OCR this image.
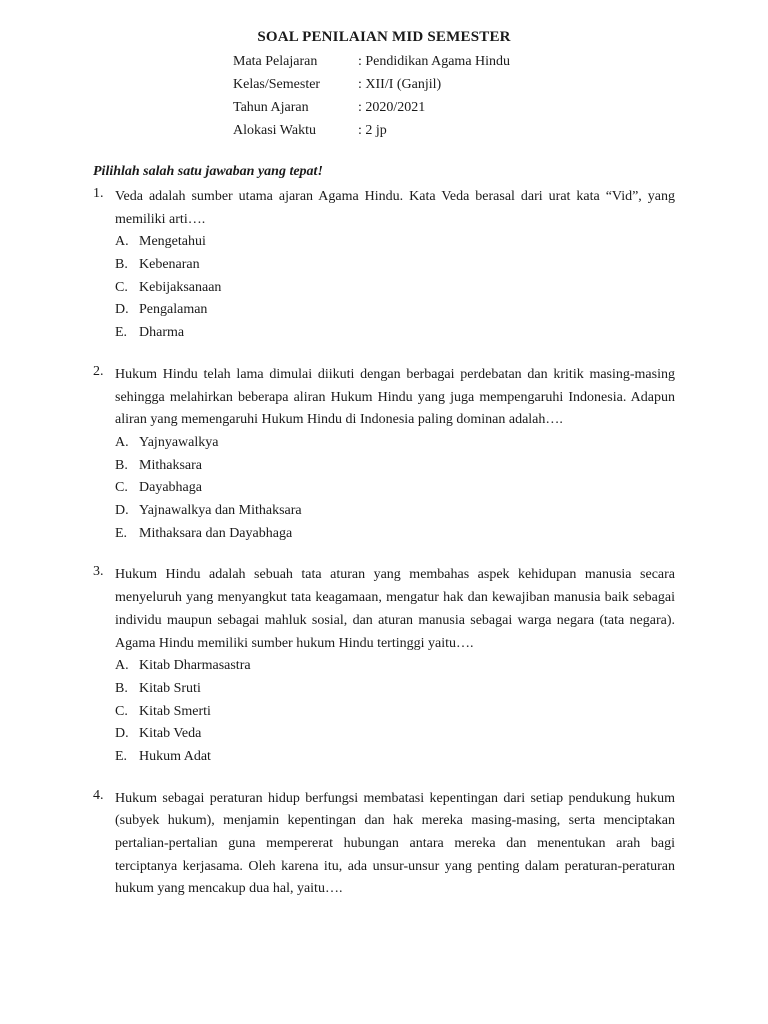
SOAL PENILAIAN MID SEMESTER
Mata Pelajaran	: Pendidikan Agama Hindu
Kelas/Semester	: XII/I (Ganjil)
Tahun Ajaran	: 2020/2021
Alokasi Waktu	: 2 jp
Pilihlah salah satu jawaban yang tepat!
1. Veda adalah sumber utama ajaran Agama Hindu. Kata Veda berasal dari urat kata “Vid”, yang memiliki arti….
A. Mengetahui
B. Kebenaran
C. Kebijaksanaan
D. Pengalaman
E. Dharma
2. Hukum Hindu telah lama dimulai diikuti dengan berbagai perdebatan dan kritik masing-masing sehingga melahirkan beberapa aliran Hukum Hindu yang juga mempengaruhi Indonesia. Adapun aliran yang memengaruhi Hukum Hindu di Indonesia paling dominan adalah….
A. Yajnyawalkya
B. Mithaksara
C. Dayabhaga
D. Yajnawalkya dan Mithaksara
E. Mithaksara dan Dayabhaga
3. Hukum Hindu adalah sebuah tata aturan yang membahas aspek kehidupan manusia secara menyeluruh yang menyangkut tata keagamaan, mengatur hak dan kewajiban manusia baik sebagai individu maupun sebagai mahluk sosial, dan aturan manusia sebagai warga negara (tata negara). Agama Hindu memiliki sumber hukum Hindu tertinggi yaitu….
A. Kitab Dharmasastra
B. Kitab Sruti
C. Kitab Smerti
D. Kitab Veda
E. Hukum Adat
4. Hukum sebagai peraturan hidup berfungsi membatasi kepentingan dari setiap pendukung hukum (subyek hukum), menjamin kepentingan dan hak mereka masing-masing, serta menciptakan pertalian-pertalian guna mempererat hubungan antara mereka dan menentukan arah bagi terciptanya kerjasama. Oleh karena itu, ada unsur-unsur yang penting dalam peraturan-peraturan hukum yang mencakup dua hal, yaitu….
